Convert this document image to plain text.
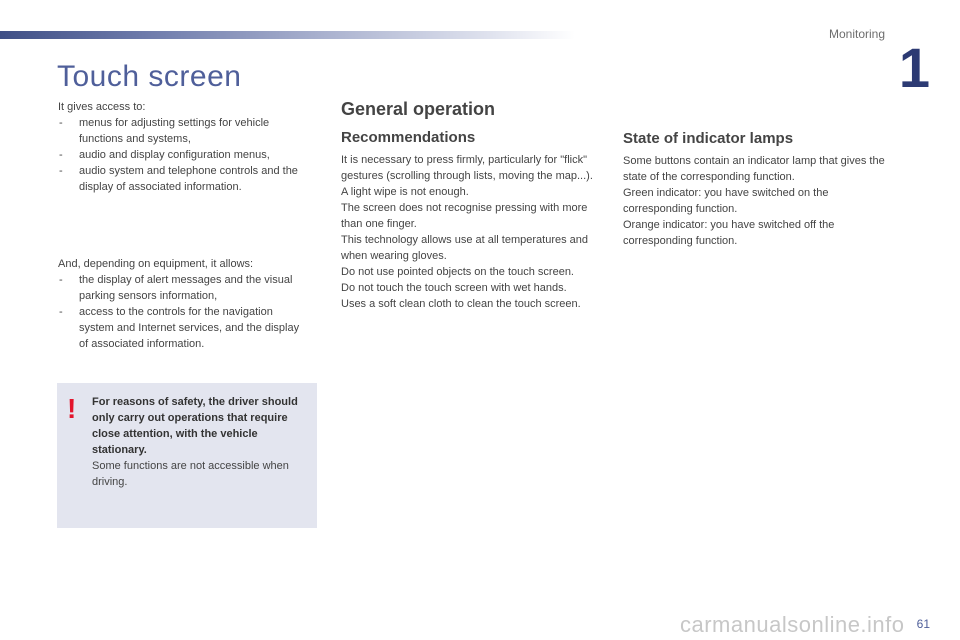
Monitoring
1
Touch screen

It gives access to:

- menus for adjusting settings for vehicle functions and systems,
- audio and display configuration menus,
- audio system and telephone controls and the display of associated information.

And, depending on equipment, it allows:

- the display of alert messages and the visual parking sensors information,
- access to the controls for the navigation system and Internet services, and the display of associated information.
! For reasons of safety, the driver should only carry out operations that require close attention, with the vehicle stationary.

Some functions are not accessible when driving.

General operation
Recommendations

It is necessary to press firmly, particularly for "flick" gestures (scrolling through lists, moving the map...).

A light wipe is not enough.

The screen does not recognise pressing with more than one finger.

This technology allows use at all temperatures and when wearing gloves.

Do not use pointed objects on the touch screen.

Do not touch the touch screen with wet hands.

Uses a soft clean cloth to clean the touch screen.

State of indicator lamps

Some buttons contain an indicator lamp that gives the state of the corresponding function.

Green indicator: you have switched on the corresponding function.

Orange indicator: you have switched off the corresponding function.

carmanualsonline.info 61
